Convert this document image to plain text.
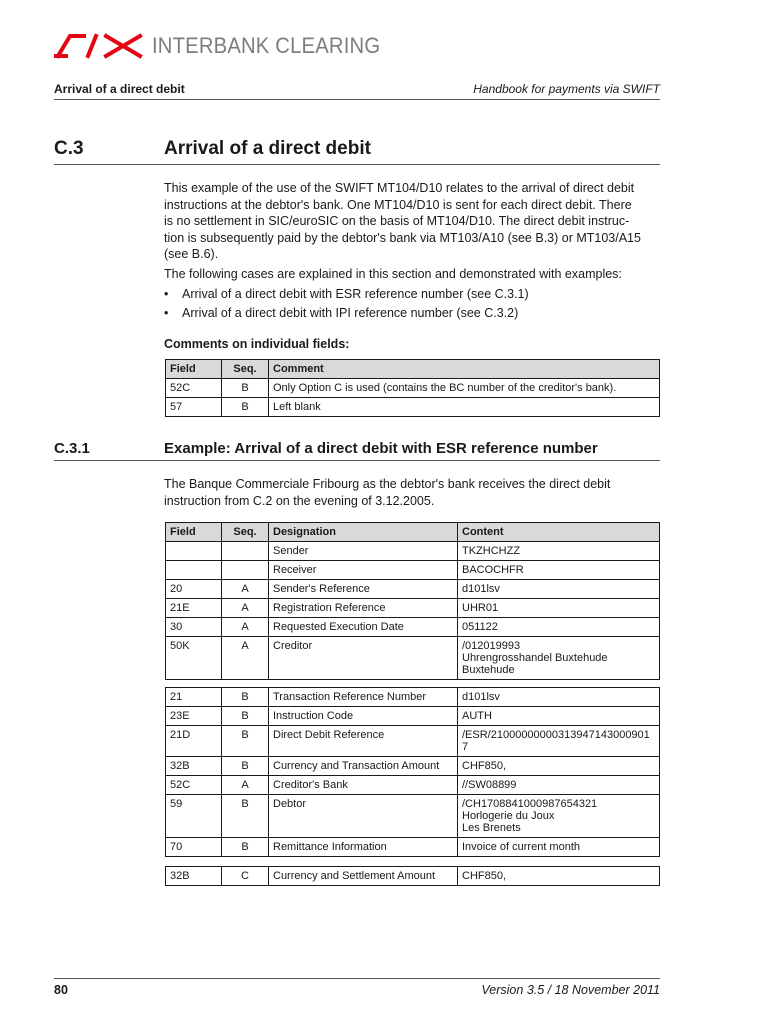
INTERBANK CLEARING
Arrival of a direct debit	Handbook for payments via SWIFT
C.3	Arrival of a direct debit
This example of the use of the SWIFT MT104/D10 relates to the arrival of direct debit
instructions at the debtor's bank. One MT104/D10 is sent for each direct debit. There
is no settlement in SIC/euroSIC on the basis of MT104/D10. The direct debit instruc-
tion is subsequently paid by the debtor's bank via MT103/A10 (see B.3) or MT103/A15
(see B.6).

The following cases are explained in this section and demonstrated with examples:

• Arrival of a direct debit with ESR reference number (see C.3.1)
• Arrival of a direct debit with IPI reference number (see C.3.2)
Comments on individual fields:
Field	Seq.	Comment
52C	B	Only Option C is used (contains the BC number of the creditor's bank).
57	B	Left blank
C.3.1	Example: Arrival of a direct debit with ESR reference number
The Banque Commerciale Fribourg as the debtor's bank receives the direct debit
instruction from C.2 on the evening of 3.12.2005.
Field	Seq.	Designation	Content
		Sender	TKZHCHZZ
		Receiver	BACOCHFR
20	A	Sender's Reference	d101lsv
21E	A	Registration Reference	UHR01
30	A	Requested Execution Date	051122
50K	A	Creditor	/012019993
Uhrengrosshandel Buxtehude
Buxtehude
21	B	Transaction Reference Number	d101lsv
23E	B	Instruction Code	AUTH
21D	B	Direct Debit Reference	/ESR/210000000003139471430009017
32B	B	Currency and Transaction Amount	CHF850,
52C	A	Creditor's Bank	//SW08899
59	B	Debtor	/CH1708841000987654321
Horlogerie du Joux
Les Brenets
70	B	Remittance Information	Invoice of current month
32B	C	Currency and Settlement Amount	CHF850,
80	Version 3.5 / 18 November 2011
